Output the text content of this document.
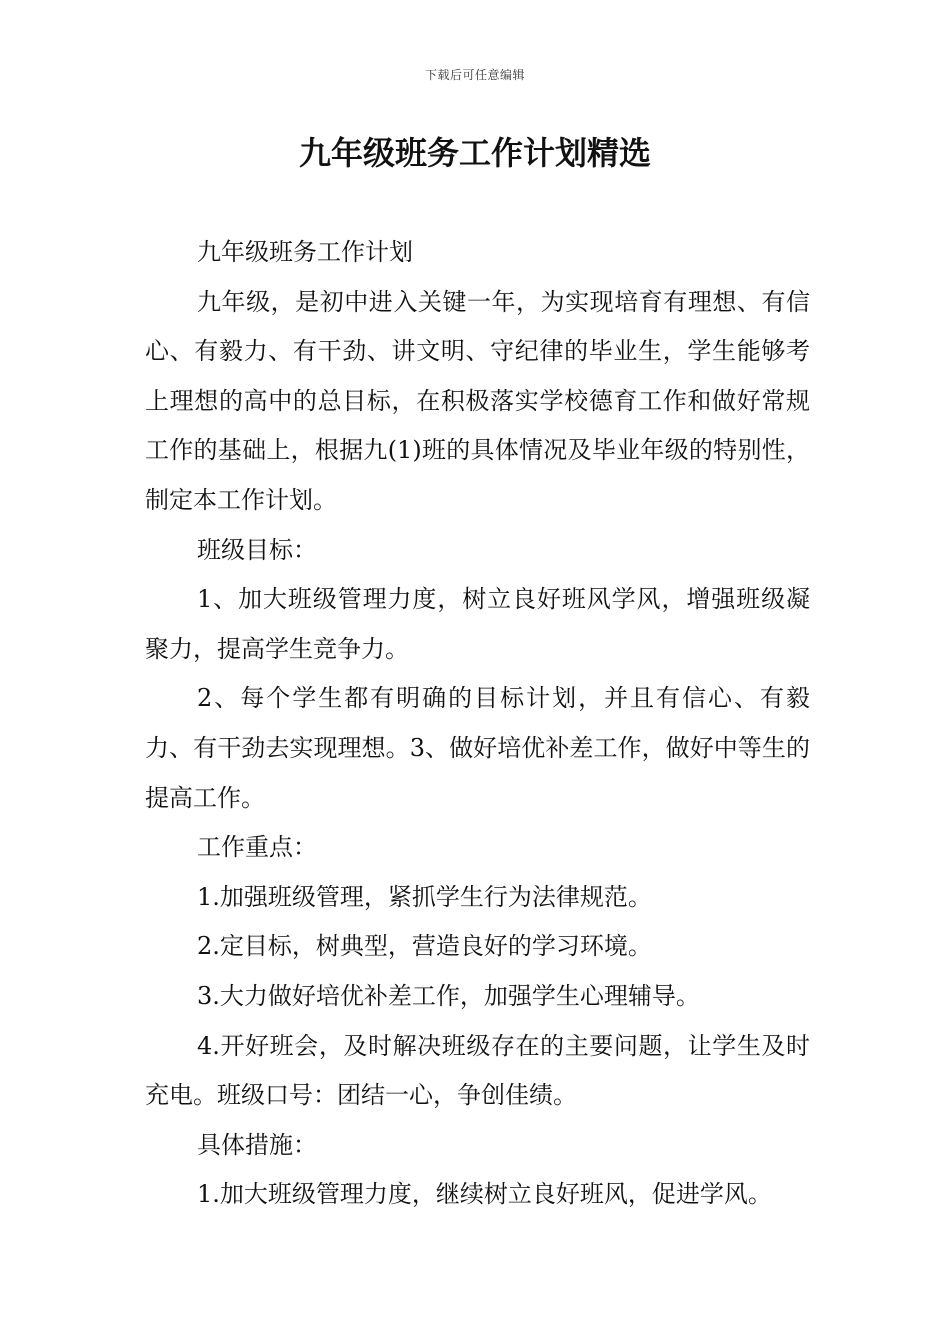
下载后可任意编辑
九年级班务工作计划精选

九年级班务工作计划

九年级，是初中进入关键一年，为实现培育有理想、有信心、有毅力、有干劲、讲文明、守纪律的毕业生，学生能够考上理想的高中的总目标，在积极落实学校德育工作和做好常规工作的基础上，根据九(1)班的具体情况及毕业年级的特别性，制定本工作计划。

班级目标：

1、加大班级管理力度，树立良好班风学风，增强班级凝聚力，提高学生竞争力。

2、每个学生都有明确的目标计划，并且有信心、有毅力、有干劲去实现理想。3、做好培优补差工作，做好中等生的提高工作。

工作重点：

1.加强班级管理，紧抓学生行为法律规范。

2.定目标，树典型，营造良好的学习环境。

3.大力做好培优补差工作，加强学生心理辅导。

4.开好班会，及时解决班级存在的主要问题，让学生及时充电。班级口号：团结一心，争创佳绩。

具体措施：

1.加大班级管理力度，继续树立良好班风，促进学风。
